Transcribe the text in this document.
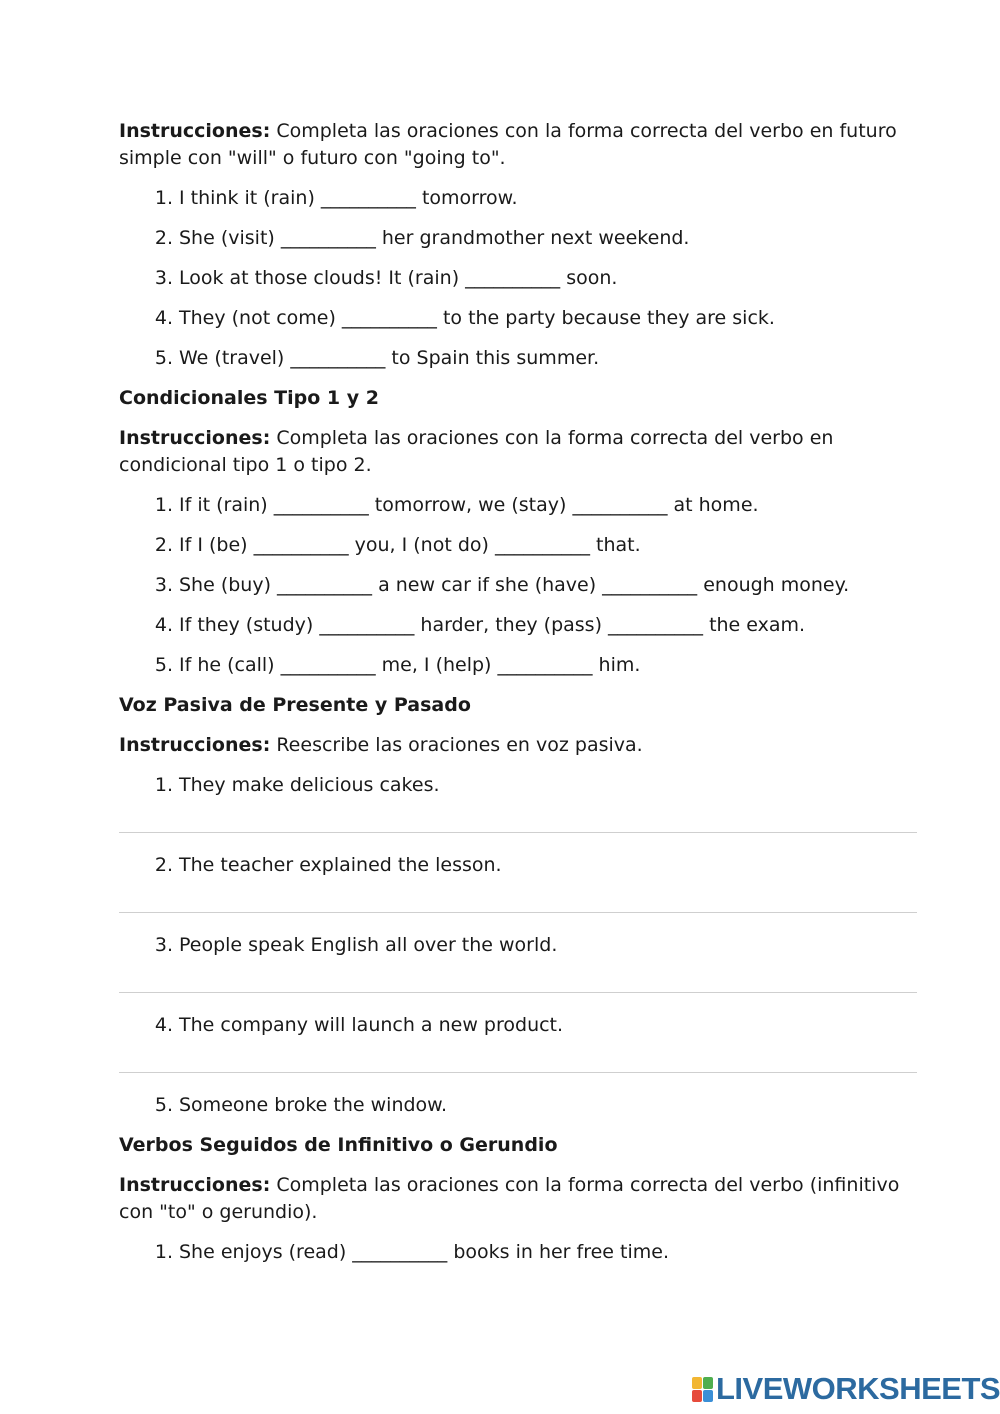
Instrucciones: Completa las oraciones con la forma correcta del verbo en futuro simple con "will" o futuro con "going to".

1. I think it (rain) __________ tomorrow.
2. She (visit) __________ her grandmother next weekend.
3. Look at those clouds! It (rain) __________ soon.
4. They (not come) __________ to the party because they are sick.
5. We (travel) __________ to Spain this summer.
Condicionales Tipo 1 y 2

Instrucciones: Completa las oraciones con la forma correcta del verbo en condicional tipo 1 o tipo 2.

1. If it (rain) __________ tomorrow, we (stay) __________ at home.
2. If I (be) __________ you, I (not do) __________ that.
3. She (buy) __________ a new car if she (have) __________ enough money.
4. If they (study) __________ harder, they (pass) __________ the exam.
5. If he (call) __________ me, I (help) __________ him.
Voz Pasiva de Presente y Pasado

Instrucciones: Reescribe las oraciones en voz pasiva.

1. They make delicious cakes.
2. The teacher explained the lesson.
3. People speak English all over the world.
4. The company will launch a new product.
5. Someone broke the window.
Verbos Seguidos de Infinitivo o Gerundio

Instrucciones: Completa las oraciones con la forma correcta del verbo (infinitivo con "to" o gerundio).

1. She enjoys (read) __________ books in her free time.
LIVEWORKSHEETS
